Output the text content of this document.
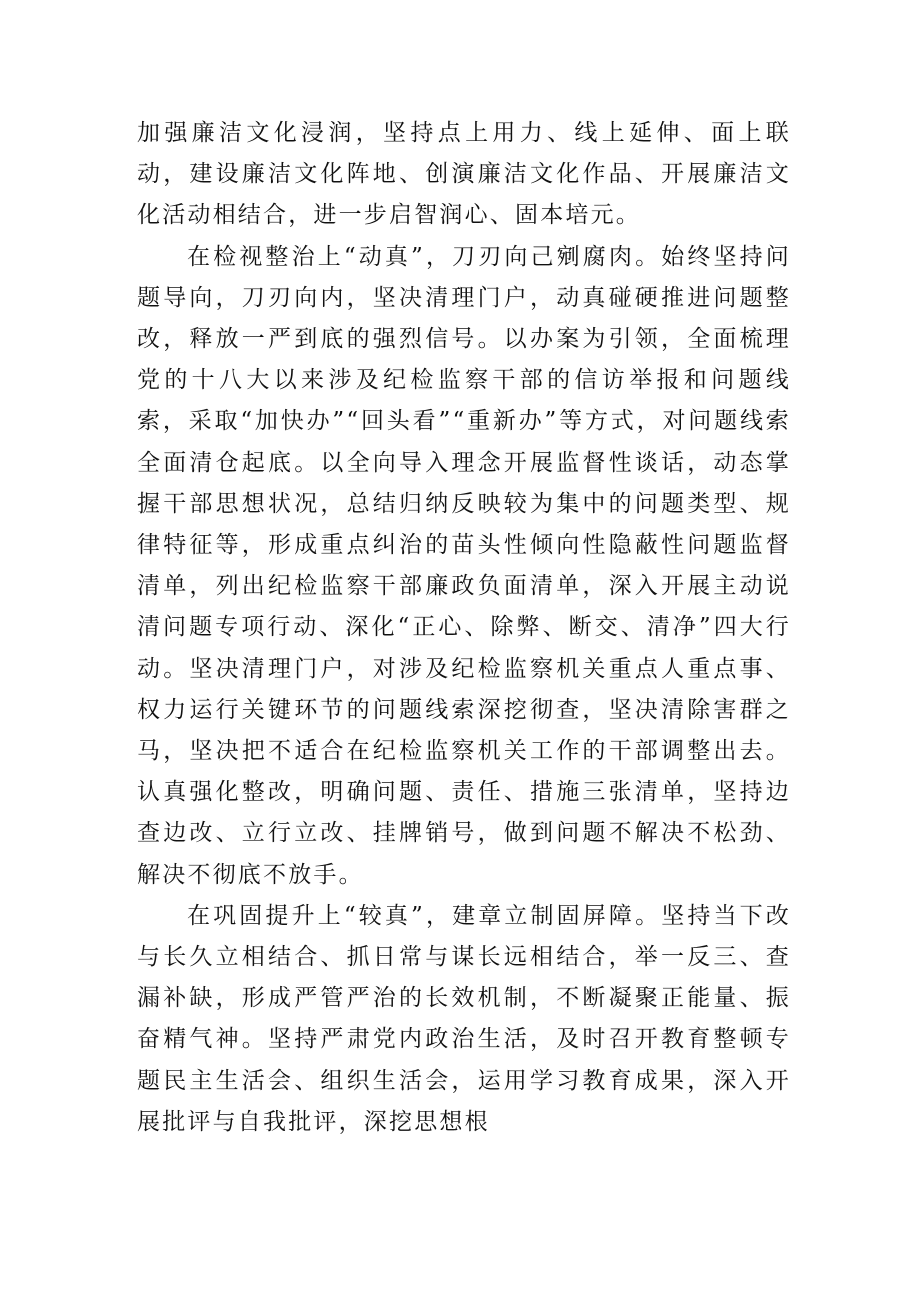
加强廉洁文化浸润，坚持点上用力、线上延伸、面上联动，建设廉洁文化阵地、创演廉洁文化作品、开展廉洁文化活动相结合，进一步启智润心、固本培元。

在检视整治上“动真”，刀刃向己剜腐肉。始终坚持问题导向，刀刃向内，坚决清理门户，动真碰硬推进问题整改，释放一严到底的强烈信号。以办案为引领，全面梳理党的十八大以来涉及纪检监察干部的信访举报和问题线索，采取“加快办”“回头看”“重新办”等方式，对问题线索全面清仓起底。以全向导入理念开展监督性谈话，动态掌握干部思想状况，总结归纳反映较为集中的问题类型、规律特征等，形成重点纠治的苗头性倾向性隐蔽性问题监督清单，列出纪检监察干部廉政负面清单，深入开展主动说清问题专项行动、深化“正心、除弊、断交、清净”四大行动。坚决清理门户，对涉及纪检监察机关重点人重点事、权力运行关键环节的问题线索深挖彻查，坚决清除害群之马，坚决把不适合在纪检监察机关工作的干部调整出去。认真强化整改，明确问题、责任、措施三张清单，坚持边查边改、立行立改、挂牌销号，做到问题不解决不松劲、解决不彻底不放手。

在巩固提升上“较真”，建章立制固屏障。坚持当下改与长久立相结合、抓日常与谋长远相结合，举一反三、查漏补缺，形成严管严治的长效机制，不断凝聚正能量、振奋精气神。坚持严肃党内政治生活，及时召开教育整顿专题民主生活会、组织生活会，运用学习教育成果，深入开展批评与自我批评，深挖思想根
